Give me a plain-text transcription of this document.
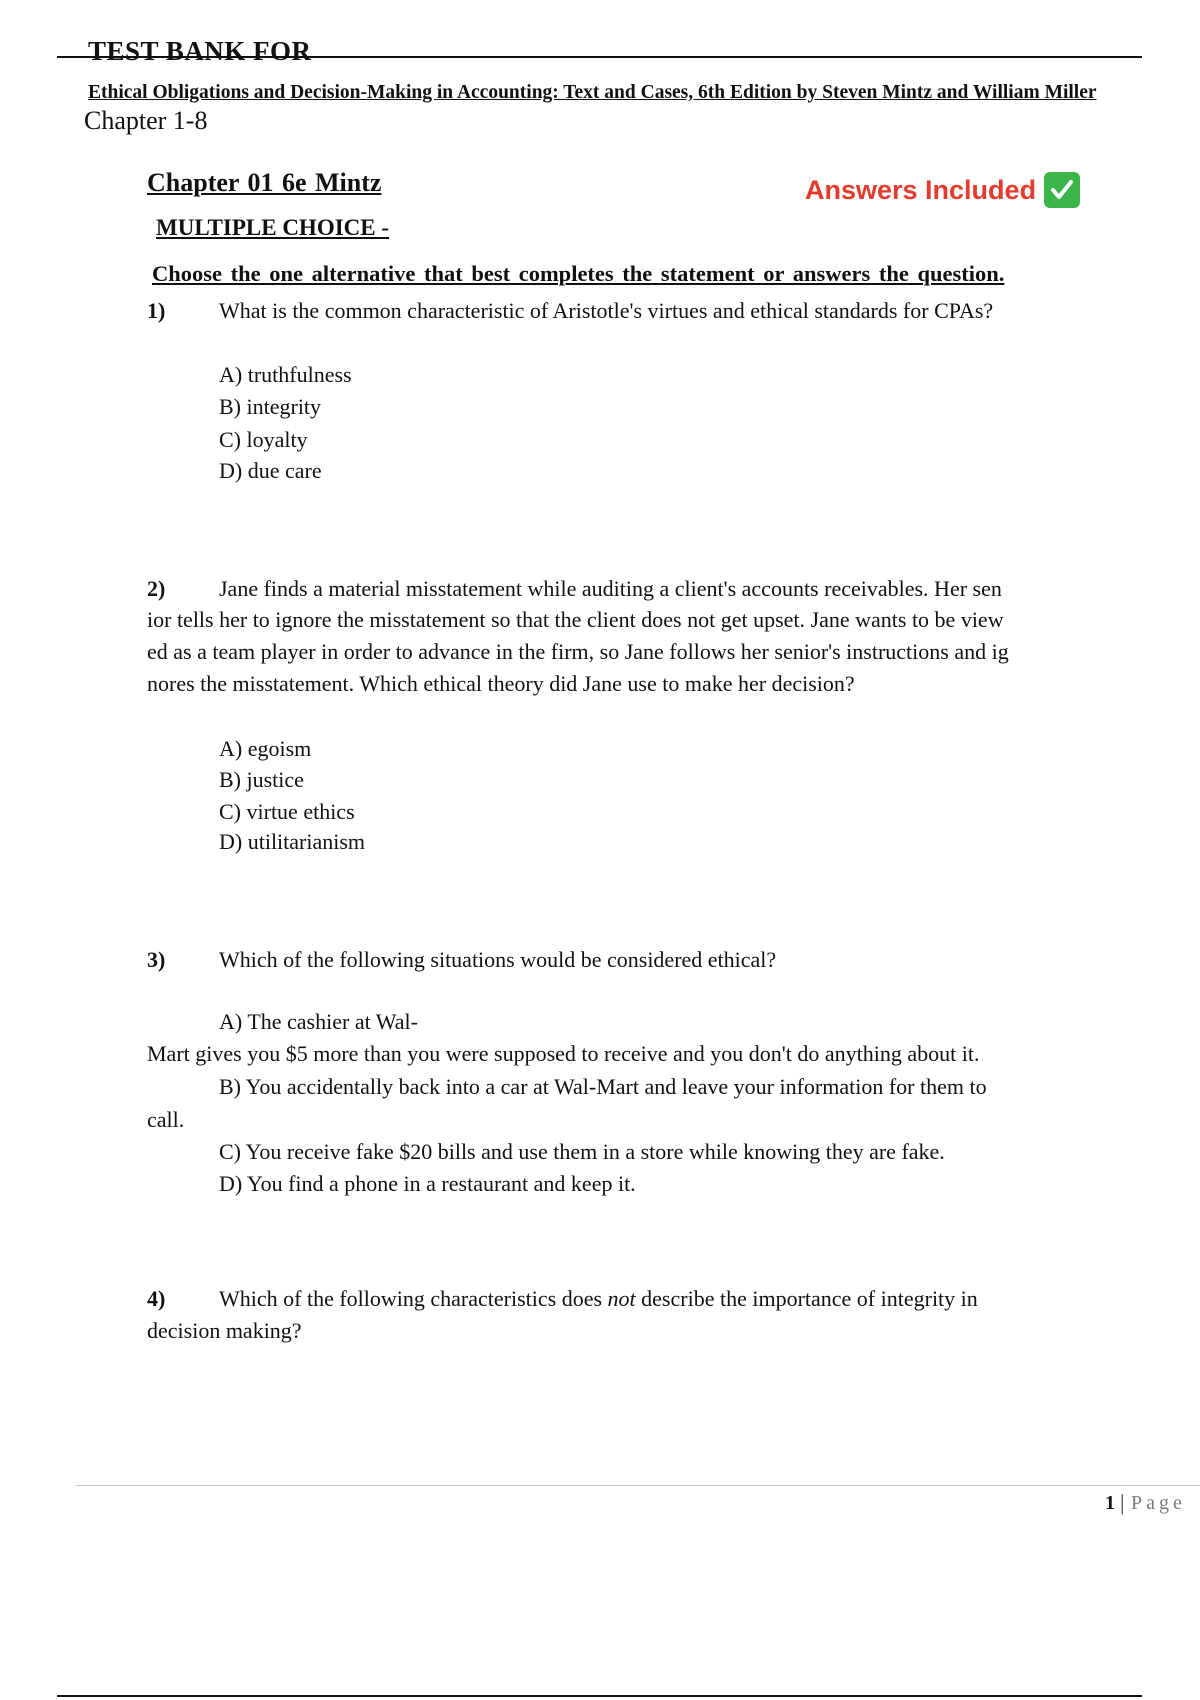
TEST BANK FOR
Ethical Obligations and Decision-Making in Accounting: Text and Cases, 6th Edition by Steven Mintz and William Miller
Chapter 1-8
Chapter 01 6e Mintz	Answers Included
MULTIPLE CHOICE -
Choose the one alternative that best completes the statement or answers the question.
1) What is the common characteristic of Aristotle's virtues and ethical standards for CPAs?
A) truthfulness
B) integrity
C) loyalty
D) due care
2) Jane finds a material misstatement while auditing a client's accounts receivables. Her sen
ior tells her to ignore the misstatement so that the client does not get upset. Jane wants to be view
ed as a team player in order to advance in the firm, so Jane follows her senior's instructions and ig
nores the misstatement. Which ethical theory did Jane use to make her decision?
A) egoism
B) justice
C) virtue ethics
D) utilitarianism
3) Which of the following situations would be considered ethical?
A) The cashier at Wal-
Mart gives you $5 more than you were supposed to receive and you don't do anything about it.
B) You accidentally back into a car at Wal-Mart and leave your information for them to
call.
C) You receive fake $20 bills and use them in a store while knowing they are fake.
D) You find a phone in a restaurant and keep it.
4) Which of the following characteristics does not describe the importance of integrity in
decision making?
1 | Page
